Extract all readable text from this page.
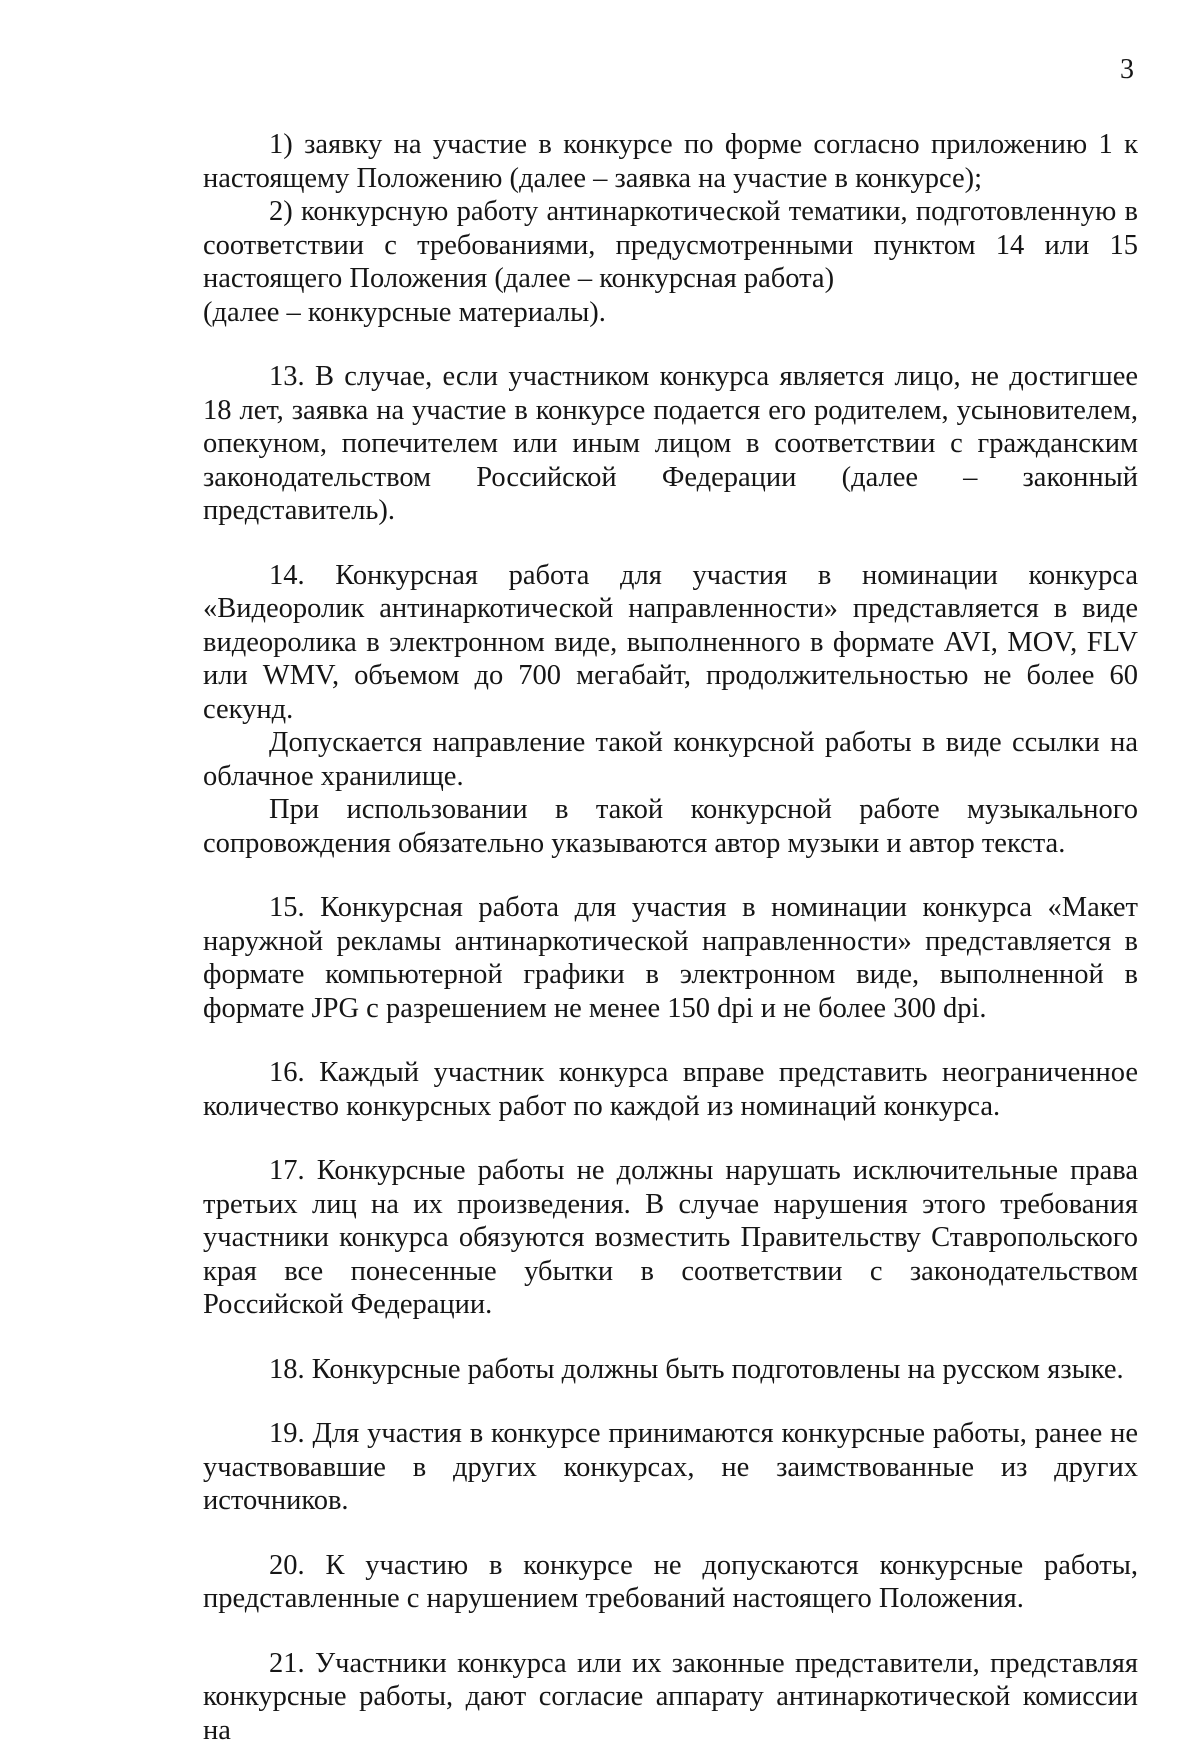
3

1) заявку на участие в конкурсе по форме согласно приложению 1 к настоящему Положению (далее – заявка на участие в конкурсе);

2) конкурсную работу антинаркотической тематики, подготовленную в соответствии с требованиями, предусмотренными пунктом 14 или 15 настоящего Положения (далее – конкурсная работа)

(далее – конкурсные материалы).

13. В случае, если участником конкурса является лицо, не достигшее 18 лет, заявка на участие в конкурсе подается его родителем, усыновителем, опекуном, попечителем или иным лицом в соответствии с гражданским законодательством Российской Федерации (далее – законный представитель).

14. Конкурсная работа для участия в номинации конкурса «Видеоролик антинаркотической направленности» представляется в виде видеоролика в электронном виде, выполненного в формате AVI, MOV, FLV или WMV, объемом до 700 мегабайт, продолжительностью не более 60 секунд.

Допускается направление такой конкурсной работы в виде ссылки на облачное хранилище.

При использовании в такой конкурсной работе музыкального сопровождения обязательно указываются автор музыки и автор текста.

15. Конкурсная работа для участия в номинации конкурса «Макет наружной рекламы антинаркотической направленности» представляется в формате компьютерной графики в электронном виде, выполненной в формате JPG с разрешением не менее 150 dpi и не более 300 dpi.

16. Каждый участник конкурса вправе представить неограниченное количество конкурсных работ по каждой из номинаций конкурса.

17. Конкурсные работы не должны нарушать исключительные права третьих лиц на их произведения. В случае нарушения этого требования участники конкурса обязуются возместить Правительству Ставропольского края все понесенные убытки в соответствии с законодательством Российской Федерации.

18. Конкурсные работы должны быть подготовлены на русском языке.

19. Для участия в конкурсе принимаются конкурсные работы, ранее не участвовавшие в других конкурсах, не заимствованные из других источников.

20. К участию в конкурсе не допускаются конкурсные работы, представленные с нарушением требований настоящего Положения.

21. Участники конкурса или их законные представители, представляя конкурсные работы, дают согласие аппарату антинаркотической комиссии на
